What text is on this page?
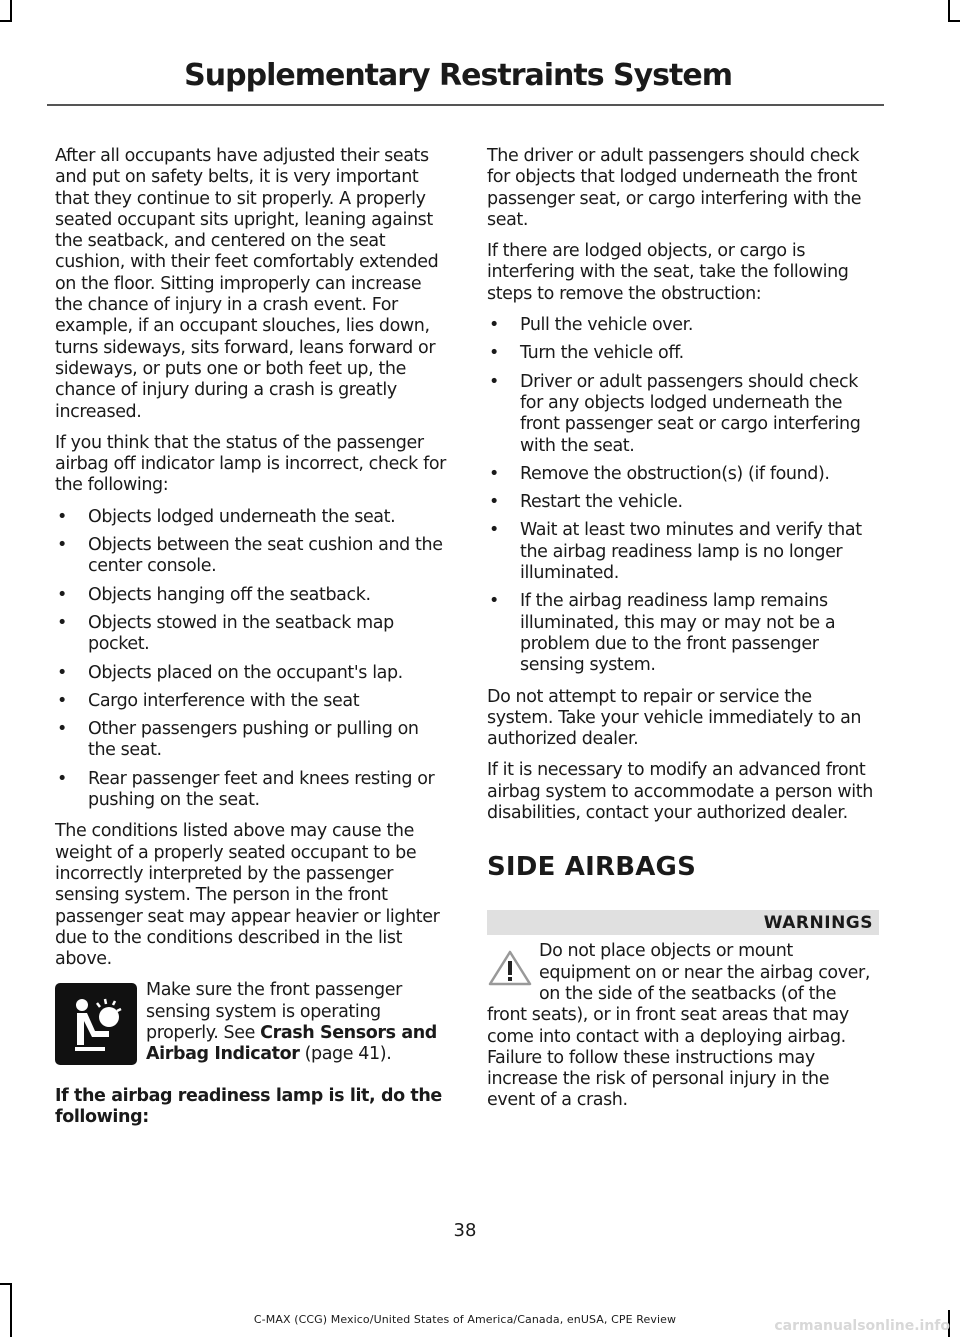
Supplementary Restraints System

After all occupants have adjusted their seats and put on safety belts, it is very important that they continue to sit properly. A properly seated occupant sits upright, leaning against the seatback, and centered on the seat cushion, with their feet comfortably extended on the floor. Sitting improperly can increase the chance of injury in a crash event. For example, if an occupant slouches, lies down, turns sideways, sits forward, leans forward or sideways, or puts one or both feet up, the chance of injury during a crash is greatly increased.

If you think that the status of the passenger airbag off indicator lamp is incorrect, check for the following:

• Objects lodged underneath the seat.
• Objects between the seat cushion and the center console.
• Objects hanging off the seatback.
• Objects stowed in the seatback map pocket.
• Objects placed on the occupant's lap.
• Cargo interference with the seat
• Other passengers pushing or pulling on the seat.
• Rear passenger feet and knees resting or pushing on the seat.

The conditions listed above may cause the weight of a properly seated occupant to be incorrectly interpreted by the passenger sensing system. The person in the front passenger seat may appear heavier or lighter due to the conditions described in the list above.

Make sure the front passenger sensing system is operating properly. See Crash Sensors and Airbag Indicator (page 41).

If the airbag readiness lamp is lit, do the following:

The driver or adult passengers should check for objects that lodged underneath the front passenger seat, or cargo interfering with the seat.

If there are lodged objects, or cargo is interfering with the seat, take the following steps to remove the obstruction:

• Pull the vehicle over.
• Turn the vehicle off.
• Driver or adult passengers should check for any objects lodged underneath the front passenger seat or cargo interfering with the seat.
• Remove the obstruction(s) (if found).
• Restart the vehicle.
• Wait at least two minutes and verify that the airbag readiness lamp is no longer illuminated.
• If the airbag readiness lamp remains illuminated, this may or may not be a problem due to the front passenger sensing system.

Do not attempt to repair or service the system. Take your vehicle immediately to an authorized dealer.

If it is necessary to modify an advanced front airbag system to accommodate a person with disabilities, contact your authorized dealer.

SIDE AIRBAGS
WARNINGS

Do not place objects or mount equipment on or near the airbag cover, on the side of the seatbacks (of the front seats), or in front seat areas that may come into contact with a deploying airbag. Failure to follow these instructions may increase the risk of personal injury in the event of a crash.

38
C-MAX (CCG) Mexico/United States of America/Canada, enUSA, CPE Review	carmanualsonline.info
